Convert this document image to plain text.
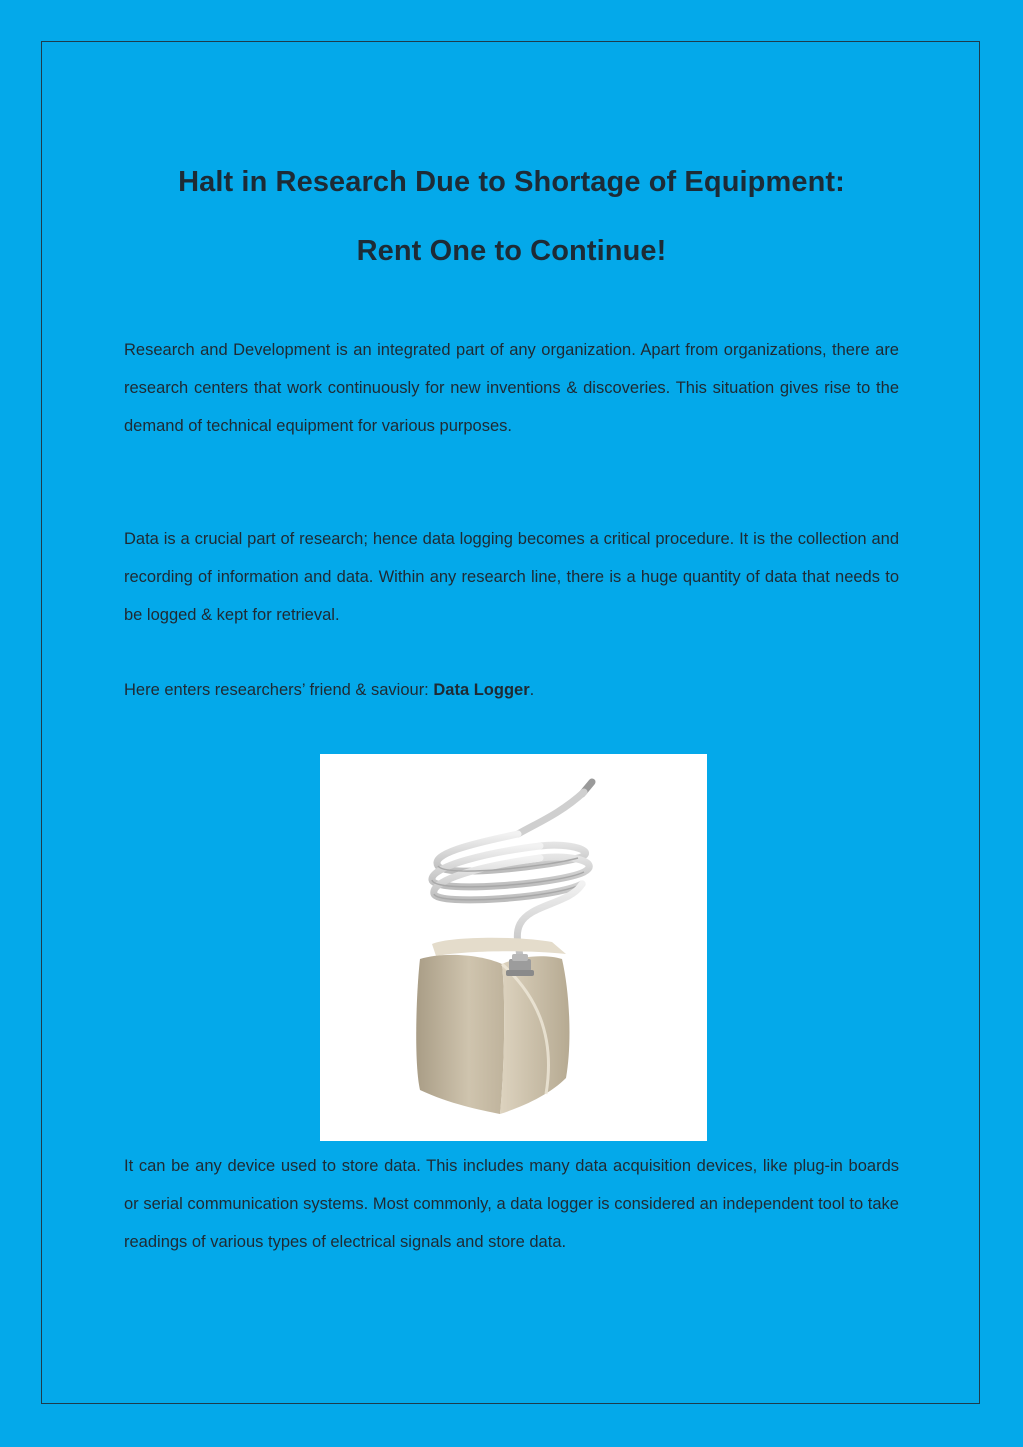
Halt in Research Due to Shortage of Equipment:
Rent One to Continue!

Research and Development is an integrated part of any organization. Apart from organizations, there are research centers that work continuously for new inventions & discoveries. This situation gives rise to the demand of technical equipment for various purposes.

Data is a crucial part of research; hence data logging becomes a critical procedure. It is the collection and recording of information and data. Within any research line, there is a huge quantity of data that needs to be logged & kept for retrieval.

Here enters researchers’ friend & saviour: Data Logger.

It can be any device used to store data. This includes many data acquisition devices, like plug-in boards or serial communication systems. Most commonly, a data logger is considered an independent tool to take readings of various types of electrical signals and store data.
